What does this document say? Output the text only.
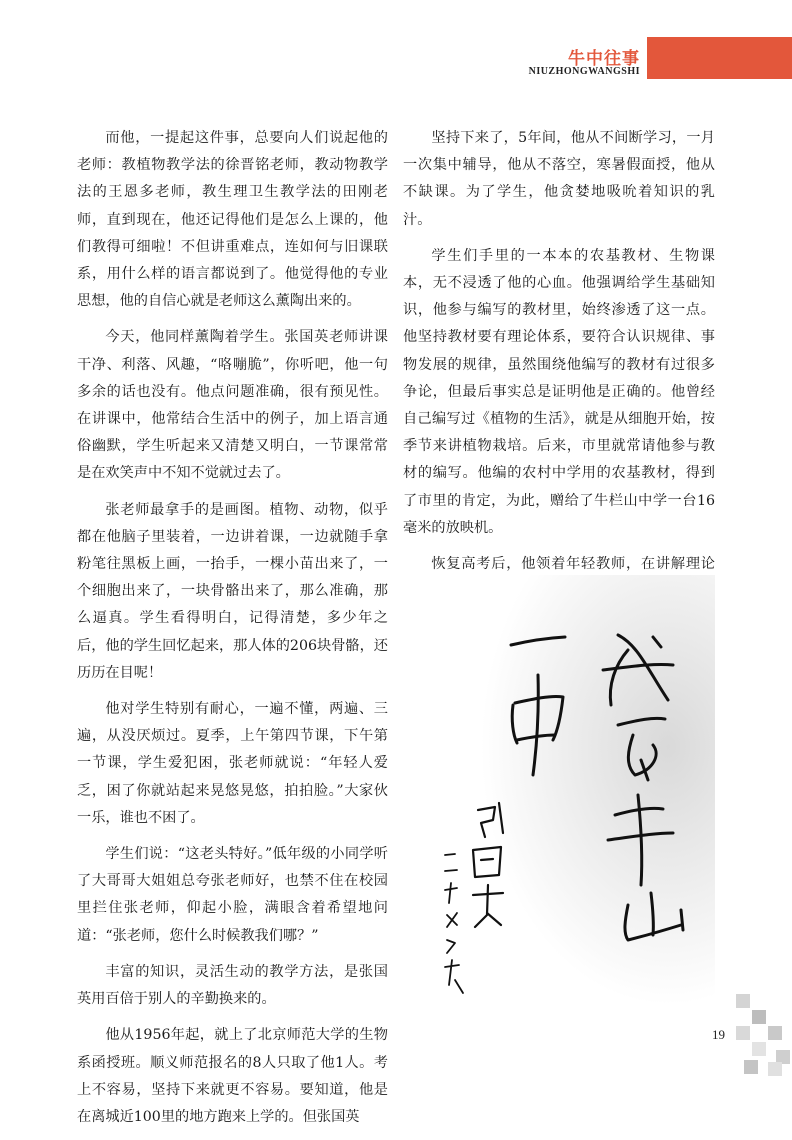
牛中往事
NIUZHONGWANGSHI

而他，一提起这件事，总要向人们说起他的老师：教植物教学法的徐晋铭老师，教动物教学法的王恩多老师，教生理卫生教学法的田刚老师，直到现在，他还记得他们是怎么上课的，他们教得可细啦！不但讲重难点，连如何与旧课联系，用什么样的语言都说到了。他觉得他的专业思想，他的自信心就是老师这么薰陶出来的。

今天，他同样薰陶着学生。张国英老师讲课干净、利落、风趣，“咯嘣脆”，你听吧，他一句多余的话也没有。他点问题准确，很有预见性。在讲课中，他常结合生活中的例子，加上语言通俗幽默，学生听起来又清楚又明白，一节课常常是在欢笑声中不知不觉就过去了。

张老师最拿手的是画图。植物、动物，似乎都在他脑子里装着，一边讲着课，一边就随手拿粉笔往黑板上画，一抬手，一棵小苗出来了，一个细胞出来了，一块骨骼出来了，那么准确，那么逼真。学生看得明白，记得清楚，多少年之后，他的学生回忆起来，那人体的206块骨骼，还历历在目呢！

他对学生特别有耐心，一遍不懂，两遍、三遍，从没厌烦过。夏季，上午第四节课，下午第一节课，学生爱犯困，张老师就说：“年轻人爱乏，困了你就站起来晃悠晃悠，拍拍脸。”大家伙一乐，谁也不困了。

学生们说：“这老头特好。”低年级的小同学听了大哥哥大姐姐总夸张老师好，也禁不住在校园里拦住张老师，仰起小脸，满眼含着希望地问道：“张老师，您什么时候教我们哪？”

丰富的知识，灵活生动的教学方法，是张国英用百倍于别人的辛勤换来的。

他从1956年起，就上了北京师范大学的生物系函授班。顺义师范报名的8人只取了他1人。考上不容易，坚持下来就更不容易。要知道，他是在离城近100里的地方跑来上学的。但张国英

坚持下来了，5年间，他从不间断学习，一月一次集中辅导，他从不落空，寒暑假面授，他从不缺课。为了学生，他贪婪地吸吮着知识的乳汁。

学生们手里的一本本的农基教材、生物课本，无不浸透了他的心血。他强调给学生基础知识，他参与编写的教材里，始终渗透了这一点。他坚持教材要有理论体系，要符合认识规律、事物发展的规律，虽然围绕他编写的教材有过很多争论，但最后事实总是证明他是正确的。他曾经自己编写过《植物的生活》，就是从细胞开始，按季节来讲植物栽培。后来，市里就常请他参与教材的编写。他编的农村中学用的农基教材，得到了市里的肯定，为此，赠给了牛栏山中学一台16毫米的放映机。

恢复高考后，他领着年轻教师，在讲解理论

19
